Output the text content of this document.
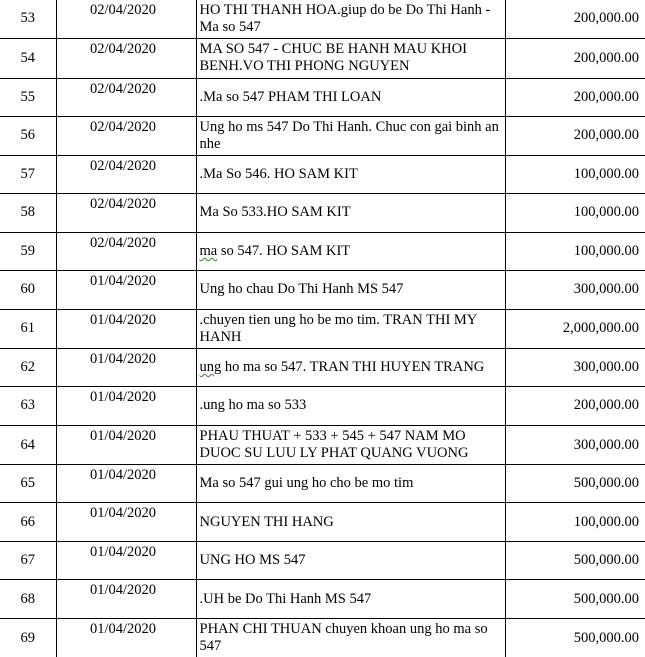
53	02/04/2020	HO THI THANH HOA.giup do be Do Thi Hanh - Ma so 547	200,000.00
54	02/04/2020	MA SO 547 - CHUC BE HANH MAU KHOI BENH.VO THI PHONG NGUYEN	200,000.00
55	02/04/2020	.Ma so 547 PHAM THI LOAN	200,000.00
56	02/04/2020	Ung ho ms 547 Do Thi Hanh. Chuc con gai binh an nhe	200,000.00
57	02/04/2020	.Ma So 546. HO SAM KIT	100,000.00
58	02/04/2020	Ma So 533.HO SAM KIT	100,000.00
59	02/04/2020	ma so 547. HO SAM KIT	100,000.00
60	01/04/2020	Ung ho chau Do Thi Hanh MS 547	300,000.00
61	01/04/2020	.chuyen tien ung ho be mo tim. TRAN THI MY HANH	2,000,000.00
62	01/04/2020	ung ho ma so 547. TRAN THI HUYEN TRANG	300,000.00
63	01/04/2020	.ung ho ma so 533	200,000.00
64	01/04/2020	PHAU THUAT + 533 + 545 + 547 NAM MO DUOC SU LUU LY PHAT QUANG VUONG	300,000.00
65	01/04/2020	Ma so 547 gui ung ho cho be mo tim	500,000.00
66	01/04/2020	NGUYEN THI HANG	100,000.00
67	01/04/2020	UNG HO MS 547	500,000.00
68	01/04/2020	.UH be Do Thi Hanh MS 547	500,000.00
69	01/04/2020	PHAN CHI THUAN chuyen khoan ung ho ma so 547	500,000.00
